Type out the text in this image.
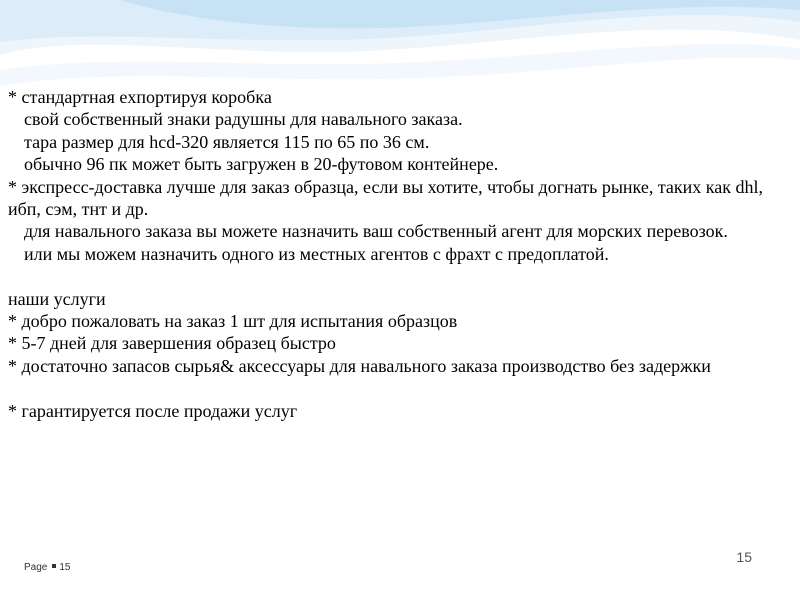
* стандартная exпортируя коробка
свой собственный знаки радушны для навального заказа.
тара размер для hcd-320 является 115 по 65 по 36 см.
обычно 96 пк может быть загружен в 20-футовом контейнере.
* экспресс-доставка лучше для заказ образца, если вы хотите, чтобы догнать рынке, таких как dhl, ибп, сэм, тнт и др.
для навального заказа вы можете назначить ваш собственный агент для морских перевозок.
или мы можем назначить одного из местных агентов с фрахт с предоплатой.
наши услуги
* добро пожаловать на заказ 1 шт для испытания образцов
* 5-7 дней для завершения образец быстро
* достаточно запасов сырья& аксессуары для навального заказа производство без задержки
* гарантируется после продажи услуг
Page 15
15
